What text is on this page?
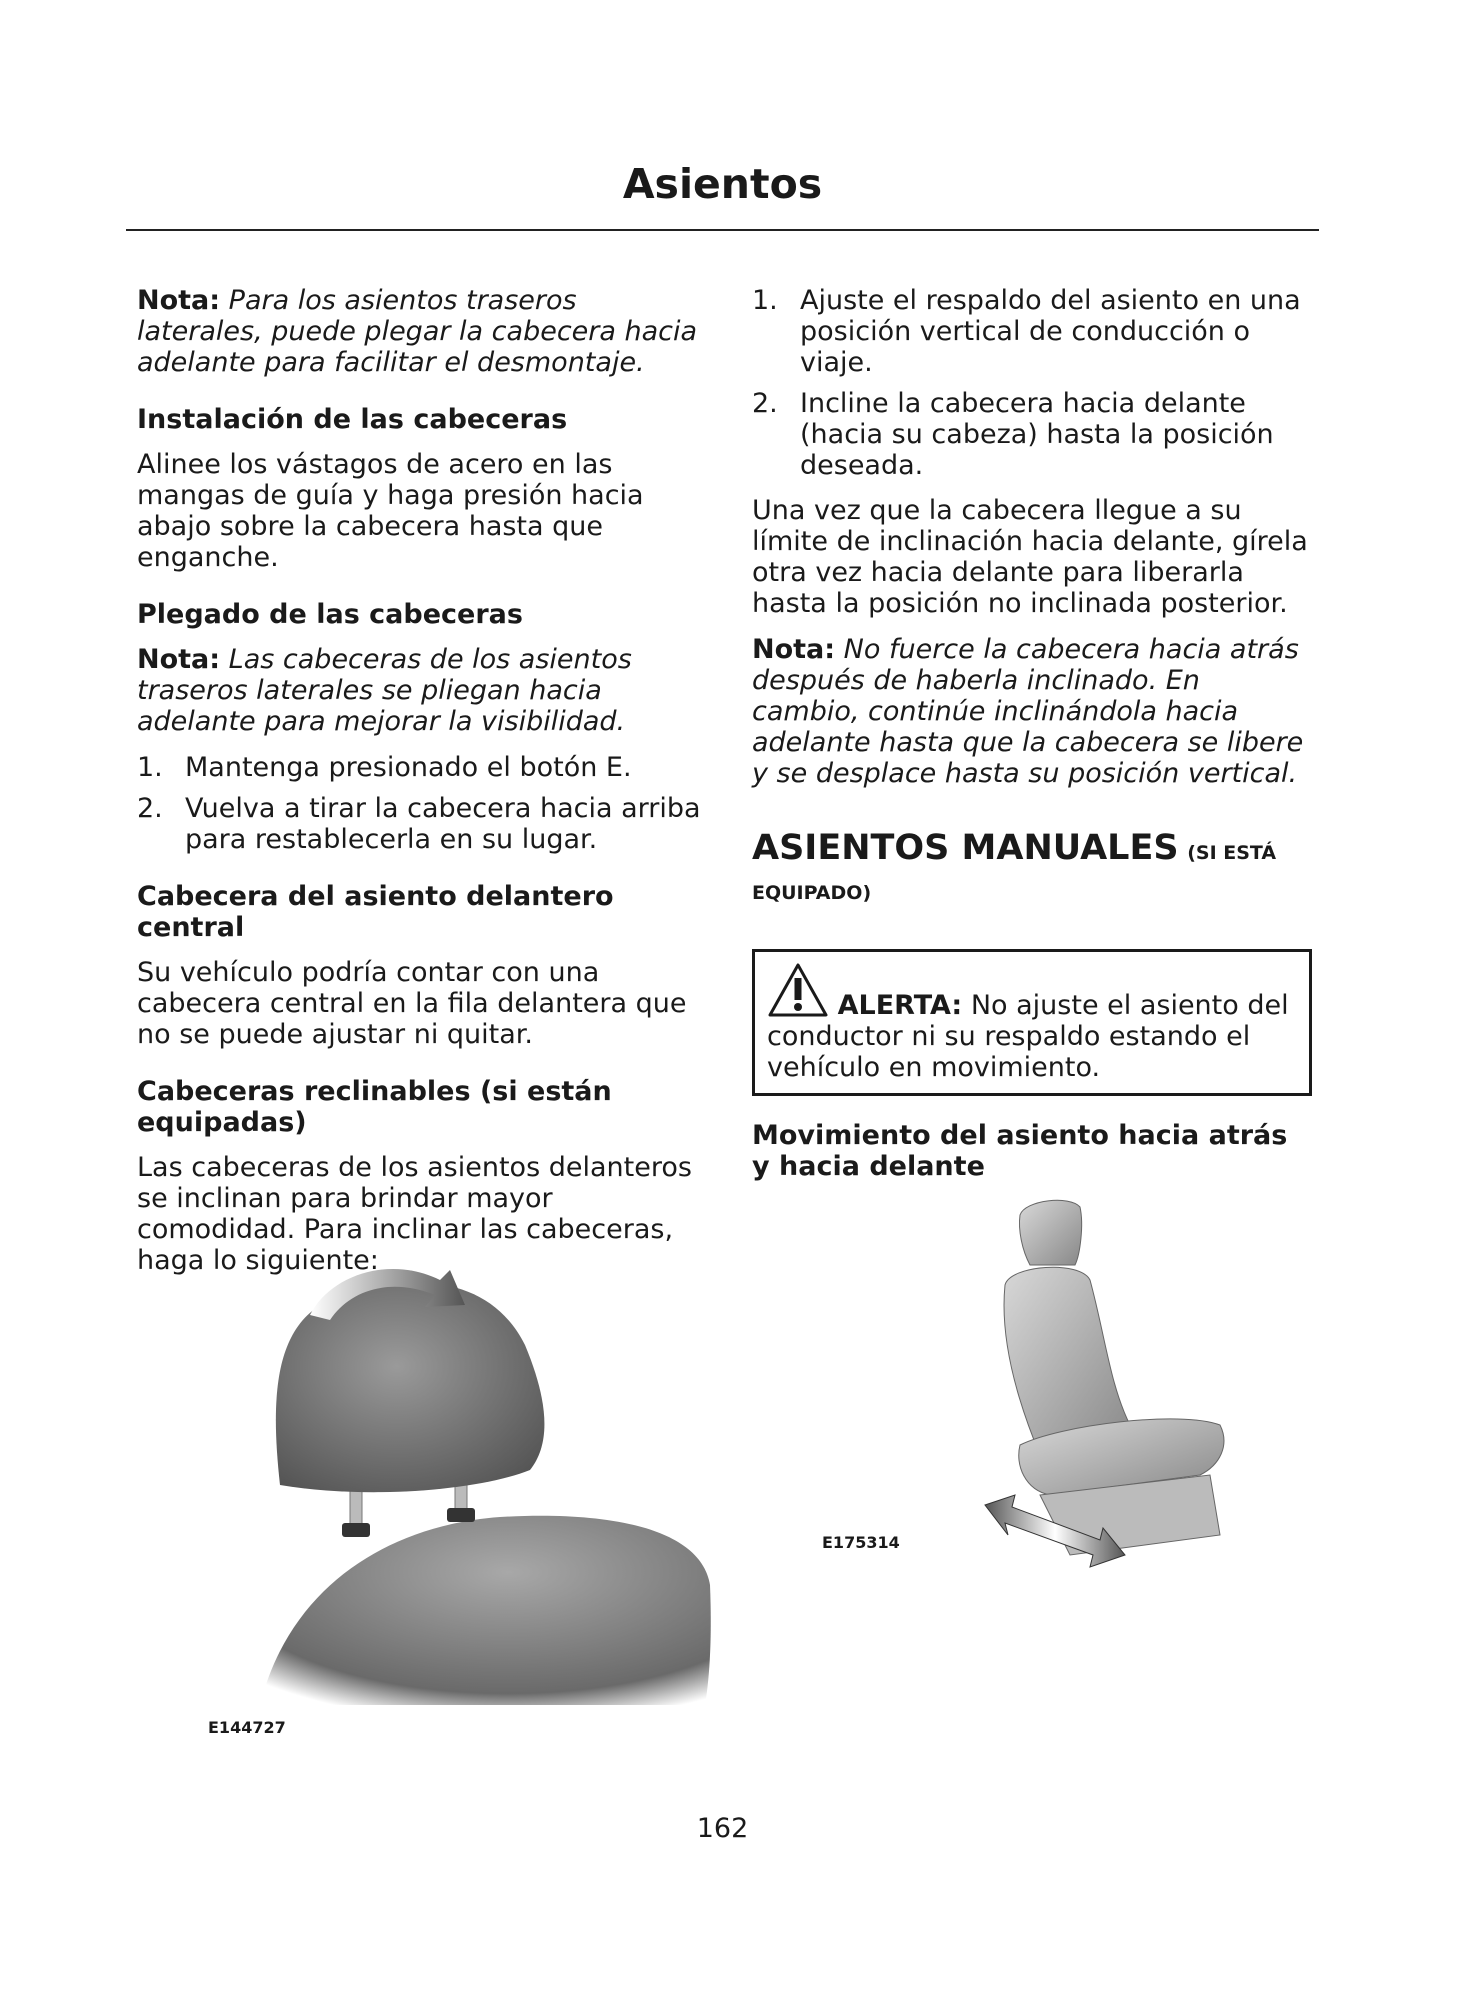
Asientos

Nota: Para los asientos traseros laterales, puede plegar la cabecera hacia adelante para facilitar el desmontaje.

Instalación de las cabeceras

Alinee los vástagos de acero en las mangas de guía y haga presión hacia abajo sobre la cabecera hasta que enganche.

Plegado de las cabeceras

Nota: Las cabeceras de los asientos traseros laterales se pliegan hacia adelante para mejorar la visibilidad.

1. Mantenga presionado el botón E.
2. Vuelva a tirar la cabecera hacia arriba para restablecerla en su lugar.
Cabecera del asiento delantero central

Su vehículo podría contar con una cabecera central en la fila delantera que no se puede ajustar ni quitar.

Cabeceras reclinables (si están equipadas)

Las cabeceras de los asientos delanteros se inclinan para brindar mayor comodidad. Para inclinar las cabeceras, haga lo siguiente:

E144727
1. Ajuste el respaldo del asiento en una posición vertical de conducción o viaje.
2. Incline la cabecera hacia delante (hacia su cabeza) hasta la posición deseada.

Una vez que la cabecera llegue a su límite de inclinación hacia delante, gírela otra vez hacia delante para liberarla hasta la posición no inclinada posterior.

Nota: No fuerce la cabecera hacia atrás después de haberla inclinado. En cambio, continúe inclinándola hacia adelante hasta que la cabecera se libere y se desplace hasta su posición vertical.

ASIENTOS MANUALES (SI ESTÁ
EQUIPADO)
ALERTA: No ajuste el asiento del conductor ni su respaldo estando el vehículo en movimiento.
Movimiento del asiento hacia atrás y hacia delante
E175314
162
